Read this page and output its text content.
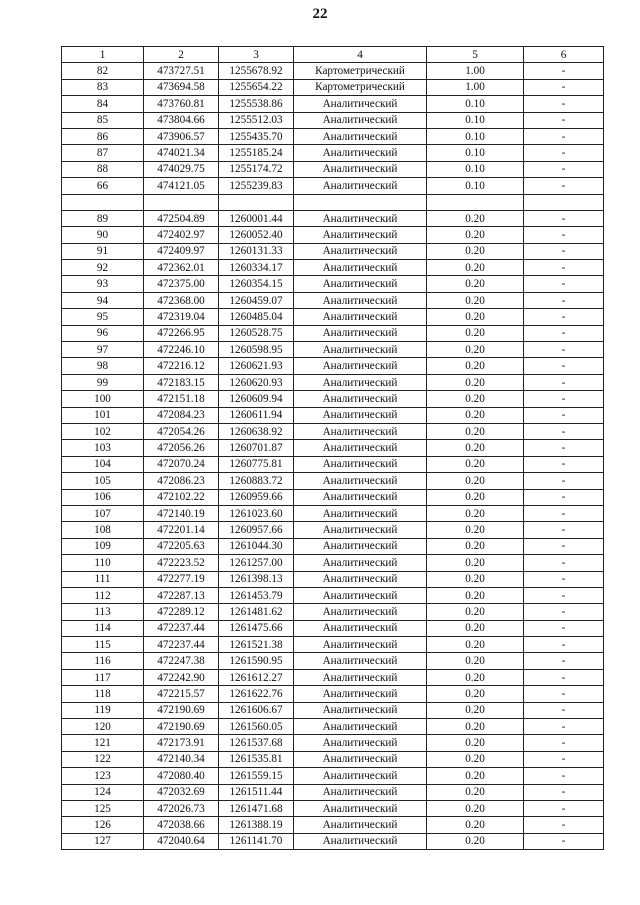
22
1	2	3	4	5	6
82	473727.51	1255678.92	Картометрический	1.00	-
83	473694.58	1255654.22	Картометрический	1.00	-
84	473760.81	1255538.86	Аналитический	0.10	-
85	473804.66	1255512.03	Аналитический	0.10	-
86	473906.57	1255435.70	Аналитический	0.10	-
87	474021.34	1255185.24	Аналитический	0.10	-
88	474029.75	1255174.72	Аналитический	0.10	-
66	474121.05	1255239.83	Аналитический	0.10	-

89	472504.89	1260001.44	Аналитический	0.20	-
90	472402.97	1260052.40	Аналитический	0.20	-
91	472409.97	1260131.33	Аналитический	0.20	-
92	472362.01	1260334.17	Аналитический	0.20	-
93	472375.00	1260354.15	Аналитический	0.20	-
94	472368.00	1260459.07	Аналитический	0.20	-
95	472319.04	1260485.04	Аналитический	0.20	-
96	472266.95	1260528.75	Аналитический	0.20	-
97	472246.10	1260598.95	Аналитический	0.20	-
98	472216.12	1260621.93	Аналитический	0.20	-
99	472183.15	1260620.93	Аналитический	0.20	-
100	472151.18	1260609.94	Аналитический	0.20	-
101	472084.23	1260611.94	Аналитический	0.20	-
102	472054.26	1260638.92	Аналитический	0.20	-
103	472056.26	1260701.87	Аналитический	0.20	-
104	472070.24	1260775.81	Аналитический	0.20	-
105	472086.23	1260883.72	Аналитический	0.20	-
106	472102.22	1260959.66	Аналитический	0.20	-
107	472140.19	1261023.60	Аналитический	0.20	-
108	472201.14	1260957.66	Аналитический	0.20	-
109	472205.63	1261044.30	Аналитический	0.20	-
110	472223.52	1261257.00	Аналитический	0.20	-
111	472277.19	1261398.13	Аналитический	0.20	-
112	472287.13	1261453.79	Аналитический	0.20	-
113	472289.12	1261481.62	Аналитический	0.20	-
114	472237.44	1261475.66	Аналитический	0.20	-
115	472237.44	1261521.38	Аналитический	0.20	-
116	472247.38	1261590.95	Аналитический	0.20	-
117	472242.90	1261612.27	Аналитический	0.20	-
118	472215.57	1261622.76	Аналитический	0.20	-
119	472190.69	1261606.67	Аналитический	0.20	-
120	472190.69	1261560.05	Аналитический	0.20	-
121	472173.91	1261537.68	Аналитический	0.20	-
122	472140.34	1261535.81	Аналитический	0.20	-
123	472080.40	1261559.15	Аналитический	0.20	-
124	472032.69	1261511.44	Аналитический	0.20	-
125	472026.73	1261471.68	Аналитический	0.20	-
126	472038.66	1261388.19	Аналитический	0.20	-
127	472040.64	1261141.70	Аналитический	0.20	-
